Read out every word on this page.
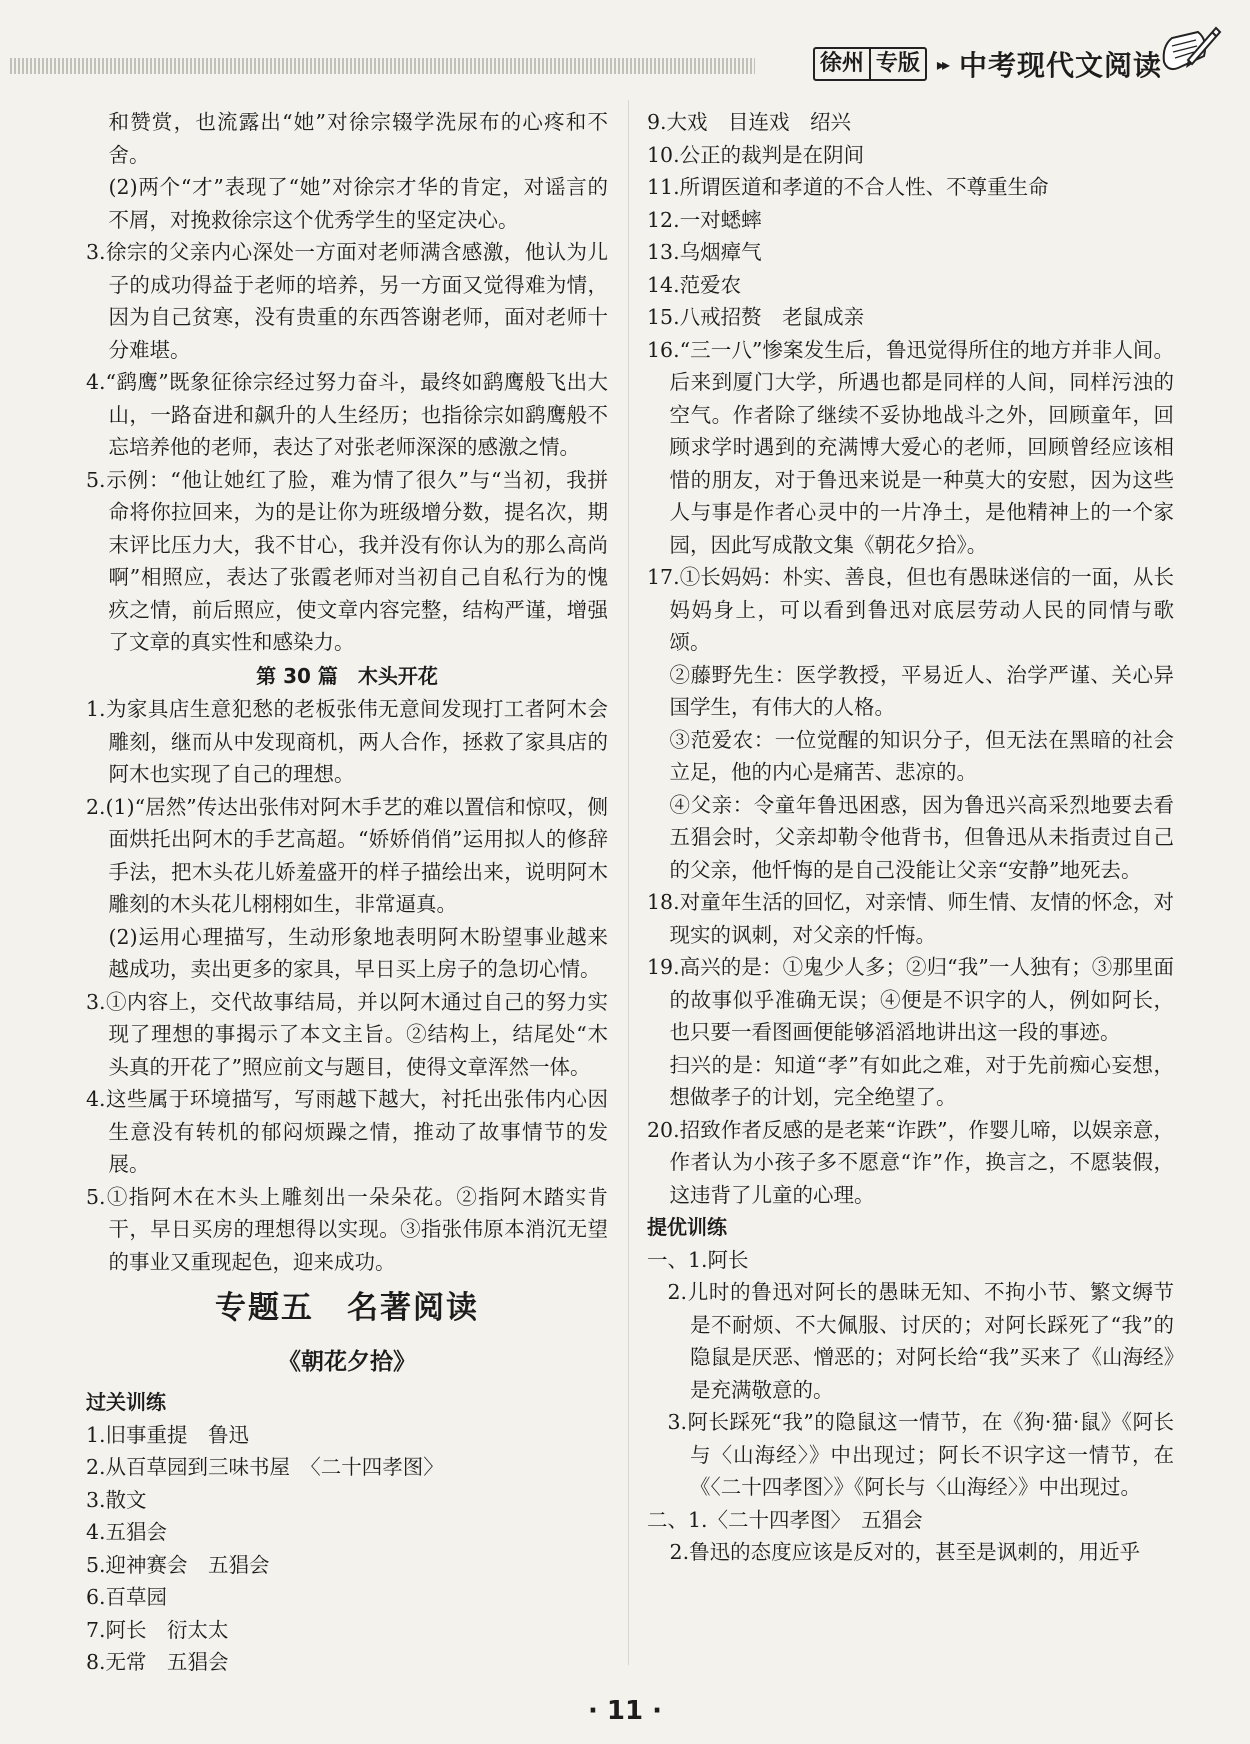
徐州 专版	▸▸ 中考现代文阅读

和赞赏，也流露出“她”对徐宗辍学洗尿布的心疼和不舍。

(2)两个“才”表现了“她”对徐宗才华的肯定，对谣言的不屑，对挽救徐宗这个优秀学生的坚定决心。

3.徐宗的父亲内心深处一方面对老师满含感激，他认为儿子的成功得益于老师的培养，另一方面又觉得难为情，因为自己贫寒，没有贵重的东西答谢老师，面对老师十分难堪。

4.“鹞鹰”既象征徐宗经过努力奋斗，最终如鹞鹰般飞出大山，一路奋进和飙升的人生经历；也指徐宗如鹞鹰般不忘培养他的老师，表达了对张老师深深的感激之情。

5.示例：“他让她红了脸，难为情了很久”与“当初，我拼命将你拉回来，为的是让你为班级增分数，提名次，期末评比压力大，我不甘心，我并没有你认为的那么高尚啊”相照应，表达了张霞老师对当初自己自私行为的愧疚之情，前后照应，使文章内容完整，结构严谨，增强了文章的真实性和感染力。

第 30 篇　木头开花

1.为家具店生意犯愁的老板张伟无意间发现打工者阿木会雕刻，继而从中发现商机，两人合作，拯救了家具店的阿木也实现了自己的理想。

2.(1)“居然”传达出张伟对阿木手艺的难以置信和惊叹，侧面烘托出阿木的手艺高超。“娇娇俏俏”运用拟人的修辞手法，把木头花儿娇羞盛开的样子描绘出来，说明阿木雕刻的木头花儿栩栩如生，非常逼真。

(2)运用心理描写，生动形象地表明阿木盼望事业越来越成功，卖出更多的家具，早日买上房子的急切心情。

3.①内容上，交代故事结局，并以阿木通过自己的努力实现了理想的事揭示了本文主旨。②结构上，结尾处“木头真的开花了”照应前文与题目，使得文章浑然一体。

4.这些属于环境描写，写雨越下越大，衬托出张伟内心因生意没有转机的郁闷烦躁之情，推动了故事情节的发展。

5.①指阿木在木头上雕刻出一朵朵花。②指阿木踏实肯干，早日买房的理想得以实现。③指张伟原本消沉无望的事业又重现起色，迎来成功。

专题五　名著阅读

《朝花夕拾》

过关训练

1.旧事重提　鲁迅

2.从百草园到三味书屋　〈二十四孝图〉

3.散文

4.五猖会

5.迎神赛会　五猖会

6.百草园

7.阿长　衍太太

8.无常　五猖会

9.大戏　目连戏　绍兴

10.公正的裁判是在阴间

11.所谓医道和孝道的不合人性、不尊重生命

12.一对蟋蟀

13.乌烟瘴气

14.范爱农

15.八戒招赘　老鼠成亲

16.“三一八”惨案发生后，鲁迅觉得所住的地方并非人间。后来到厦门大学，所遇也都是同样的人间，同样污浊的空气。作者除了继续不妥协地战斗之外，回顾童年，回顾求学时遇到的充满博大爱心的老师，回顾曾经应该相惜的朋友，对于鲁迅来说是一种莫大的安慰，因为这些人与事是作者心灵中的一片净土，是他精神上的一个家园，因此写成散文集《朝花夕拾》。

17.①长妈妈：朴实、善良，但也有愚昧迷信的一面，从长妈妈身上，可以看到鲁迅对底层劳动人民的同情与歌颂。

②藤野先生：医学教授，平易近人、治学严谨、关心异国学生，有伟大的人格。

③范爱农：一位觉醒的知识分子，但无法在黑暗的社会立足，他的内心是痛苦、悲凉的。

④父亲：令童年鲁迅困惑，因为鲁迅兴高采烈地要去看五猖会时，父亲却勒令他背书，但鲁迅从未指责过自己的父亲，他忏悔的是自己没能让父亲“安静”地死去。

18.对童年生活的回忆，对亲情、师生情、友情的怀念，对现实的讽刺，对父亲的忏悔。

19.高兴的是：①鬼少人多；②归“我”一人独有；③那里面的故事似乎准确无误；④便是不识字的人，例如阿长，也只要一看图画便能够滔滔地讲出这一段的事迹。

扫兴的是：知道“孝”有如此之难，对于先前痴心妄想，想做孝子的计划，完全绝望了。

20.招致作者反感的是老莱“诈跌”，作婴儿啼，以娱亲意，作者认为小孩子多不愿意“诈”作，换言之，不愿装假，这违背了儿童的心理。

提优训练

一、1.阿长

2.儿时的鲁迅对阿长的愚昧无知、不拘小节、繁文缛节是不耐烦、不大佩服、讨厌的；对阿长踩死了“我”的隐鼠是厌恶、憎恶的；对阿长给“我”买来了《山海经》是充满敬意的。

3.阿长踩死“我”的隐鼠这一情节，在《狗·猫·鼠》《阿长与〈山海经〉》中出现过；阿长不识字这一情节，在《〈二十四孝图〉》《阿长与〈山海经〉》中出现过。

二、1.〈二十四孝图〉　五猖会

2.鲁迅的态度应该是反对的，甚至是讽刺的，用近乎

· 11 ·
